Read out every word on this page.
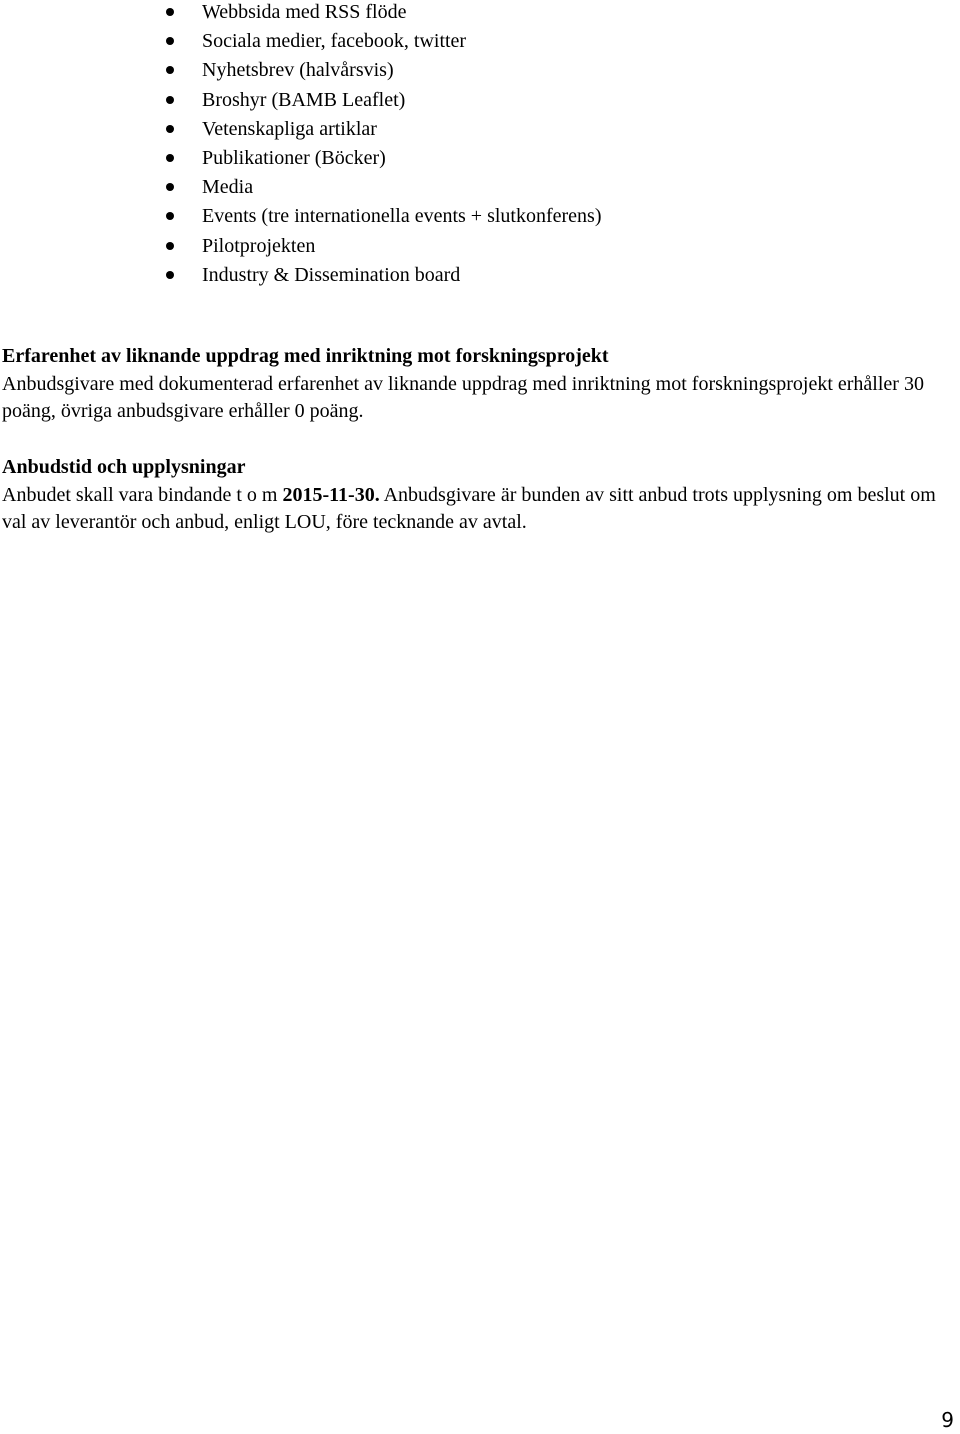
Webbsida med RSS flöde
Sociala medier, facebook, twitter
Nyhetsbrev (halvårsvis)
Broshyr (BAMB Leaflet)
Vetenskapliga artiklar
Publikationer (Böcker)
Media
Events (tre internationella events + slutkonferens)
Pilotprojekten
Industry & Dissemination board

Erfarenhet av liknande uppdrag med inriktning mot forskningsprojekt

Anbudsgivare med dokumenterad erfarenhet av liknande uppdrag med inriktning mot forskningsprojekt erhåller 30 poäng, övriga anbudsgivare erhåller 0 poäng.

Anbudstid och upplysningar

Anbudet skall vara bindande t o m 2015-11-30. Anbudsgivare är bunden av sitt anbud trots upplysning om beslut om val av leverantör och anbud, enligt LOU, före tecknande av avtal.

9
